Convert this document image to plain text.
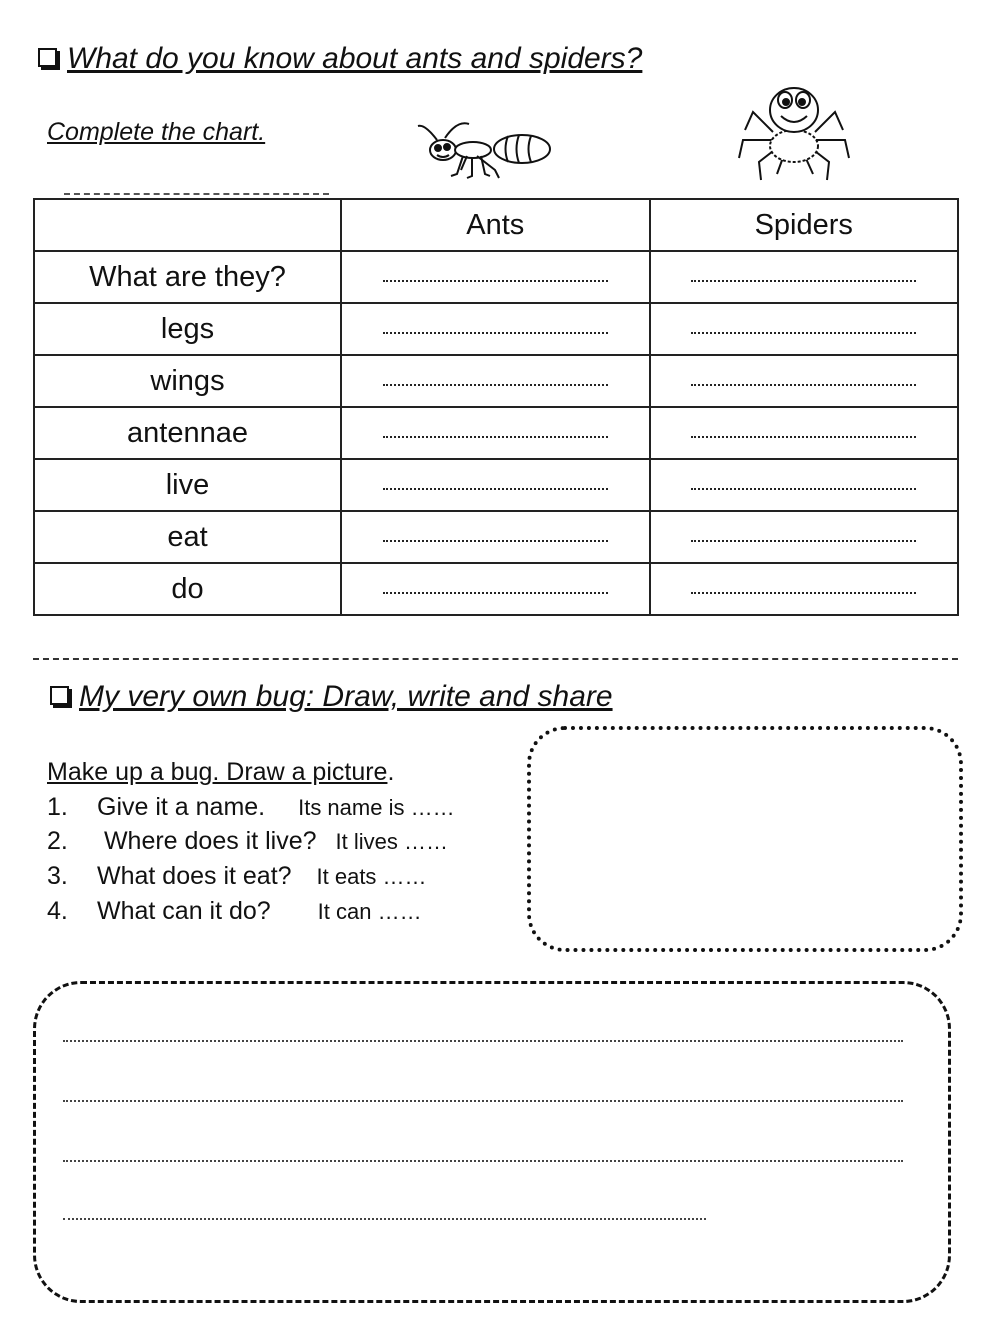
What do you know about ants and spiders?
Complete the chart.
	Ants	Spiders
What are they?		
legs		
wings		
antennae		
live		
eat		
do		
My very own bug: Draw, write and share
Make up a bug. Draw a picture.
1. Give it a name. Its name is ……
2. Where does it live? It lives ……
3. What does it eat? It eats ……
4. What can it do? It can ……
